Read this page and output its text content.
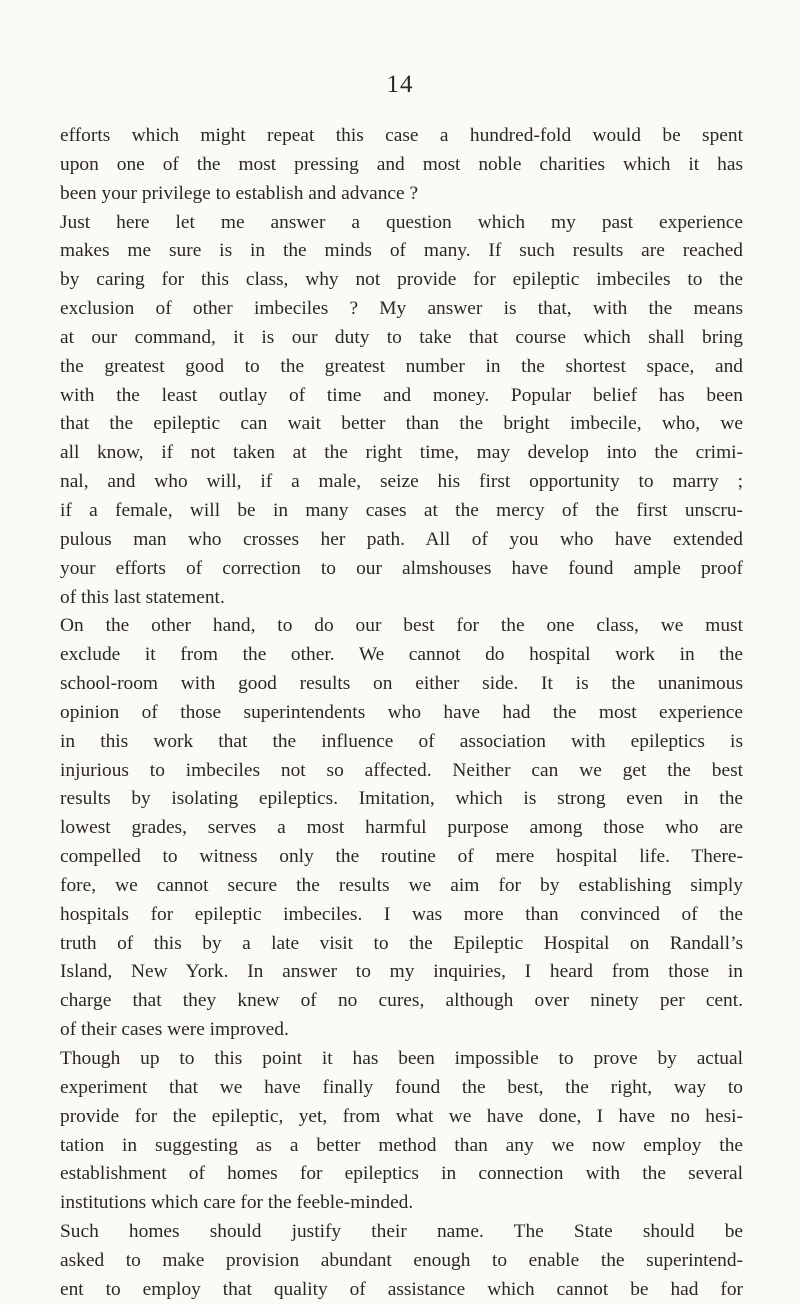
14
efforts which might repeat this case a hundred-fold would be spent
upon one of the most pressing and most noble charities which it has
been your privilege to establish and advance ?
Just here let me answer a question which my past experience
makes me sure is in the minds of many. If such results are reached
by caring for this class, why not provide for epileptic imbeciles to the
exclusion of other imbeciles ? My answer is that, with the means
at our command, it is our duty to take that course which shall bring
the greatest good to the greatest number in the shortest space, and
with the least outlay of time and money. Popular belief has been
that the epileptic can wait better than the bright imbecile, who, we
all know, if not taken at the right time, may develop into the crimi-
nal, and who will, if a male, seize his first opportunity to marry ;
if a female, will be in many cases at the mercy of the first unscru-
pulous man who crosses her path. All of you who have extended
your efforts of correction to our almshouses have found ample proof
of this last statement.
On the other hand, to do our best for the one class, we must
exclude it from the other. We cannot do hospital work in the
school-room with good results on either side. It is the unanimous
opinion of those superintendents who have had the most experience
in this work that the influence of association with epileptics is
injurious to imbeciles not so affected. Neither can we get the best
results by isolating epileptics. Imitation, which is strong even in the
lowest grades, serves a most harmful purpose among those who are
compelled to witness only the routine of mere hospital life. There-
fore, we cannot secure the results we aim for by establishing simply
hospitals for epileptic imbeciles. I was more than convinced of the
truth of this by a late visit to the Epileptic Hospital on Randall’s
Island, New York. In answer to my inquiries, I heard from those in
charge that they knew of no cures, although over ninety per cent.
of their cases were improved.
Though up to this point it has been impossible to prove by actual
experiment that we have finally found the best, the right, way to
provide for the epileptic, yet, from what we have done, I have no hesi-
tation in suggesting as a better method than any we now employ the
establishment of homes for epileptics in connection with the several
institutions which care for the feeble-minded.
Such homes should justify their name. The State should be
asked to make provision abundant enough to enable the superintend-
ent to employ that quality of assistance which cannot be had for
